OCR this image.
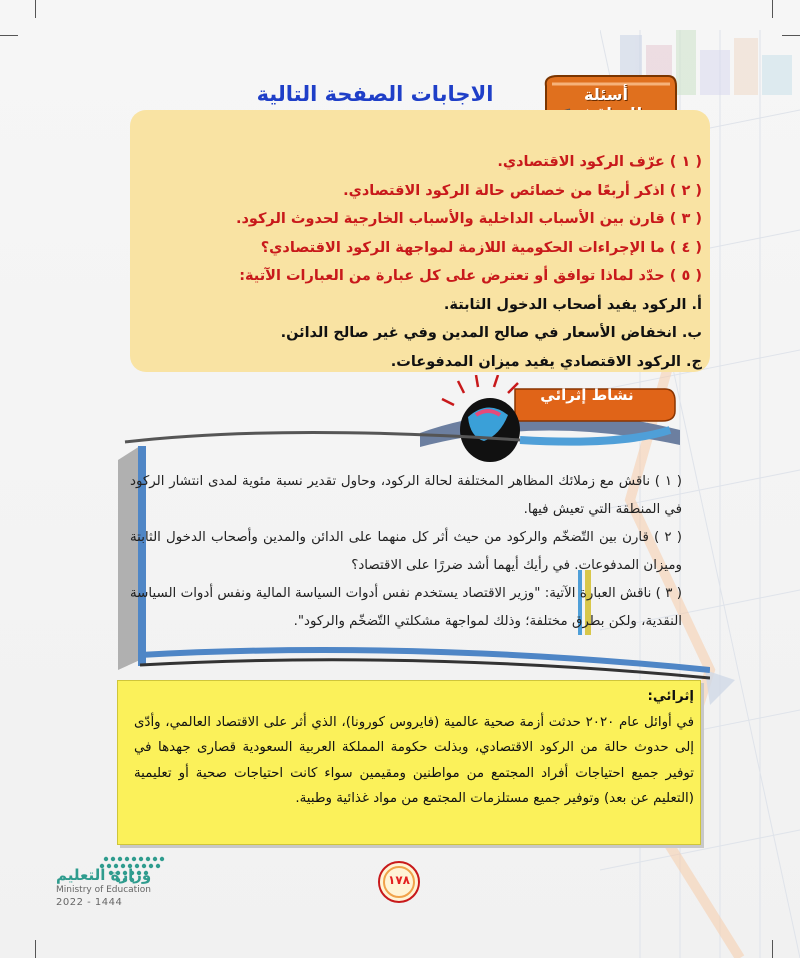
أسئلة
الاجابات الصفحة التالية
( ١ ) عرّف الركود الاقتصادي.
( ٢ ) اذكر أربعًا من خصائص حالة الركود الاقتصادي.
( ٣ ) قارن بين الأسباب الداخلية والأسباب الخارجية لحدوث الركود.
( ٤ ) ما الإجراءات الحكومية اللازمة لمواجهة الركود الاقتصادي؟
( ٥ ) حدّد لماذا توافق أو تعترض على كل عبارة من العبارات الآتية:
أ. الركود يفيد أصحاب الدخول الثابتة.
ب. انخفاض الأسعار في صالح المدين وفي غير صالح الدائن.
ج. الركود الاقتصادي يفيد ميزان المدفوعات.
نشاط إثرائي

( ١ ) ناقش مع زملائك المظاهر المختلفة لحالة الركود، وحاول تقدير نسبة مئوية لمدى انتشار الركود في المنطقة التي تعيش فيها.

( ٢ ) قارن بين التّضخّم والركود من حيث أثر كل منهما على الدائن والمدين وأصحاب الدخول الثابتة وميزان المدفوعات. في رأيك أيهما أشد ضررًا على الاقتصاد؟

( ٣ ) ناقش العبارة الآتية: "وزير الاقتصاد يستخدم نفس أدوات السياسة المالية ونفس أدوات السياسة النقدية، ولكن بطرق مختلفة؛ وذلك لمواجهة مشكلتي التّضخّم والركود".

إثرائي:

في أوائل عام ٢٠٢٠ حدثت أزمة صحية عالمية (فايروس كورونا)، الذي أثر على الاقتصاد العالمي، وأدّى إلى حدوث حالة من الركود الاقتصادي، وبذلت حكومة المملكة العربية السعودية قصارى جهدها في توفير جميع احتياجات أفراد المجتمع من مواطنين ومقيمين سواء كانت احتياجات صحية أو تعليمية (التعليم عن بعد) وتوفير جميع مستلزمات المجتمع من مواد غذائية وطبية.

وزارة التعليم
Ministry of Education
2022 - 1444
١٧٨
